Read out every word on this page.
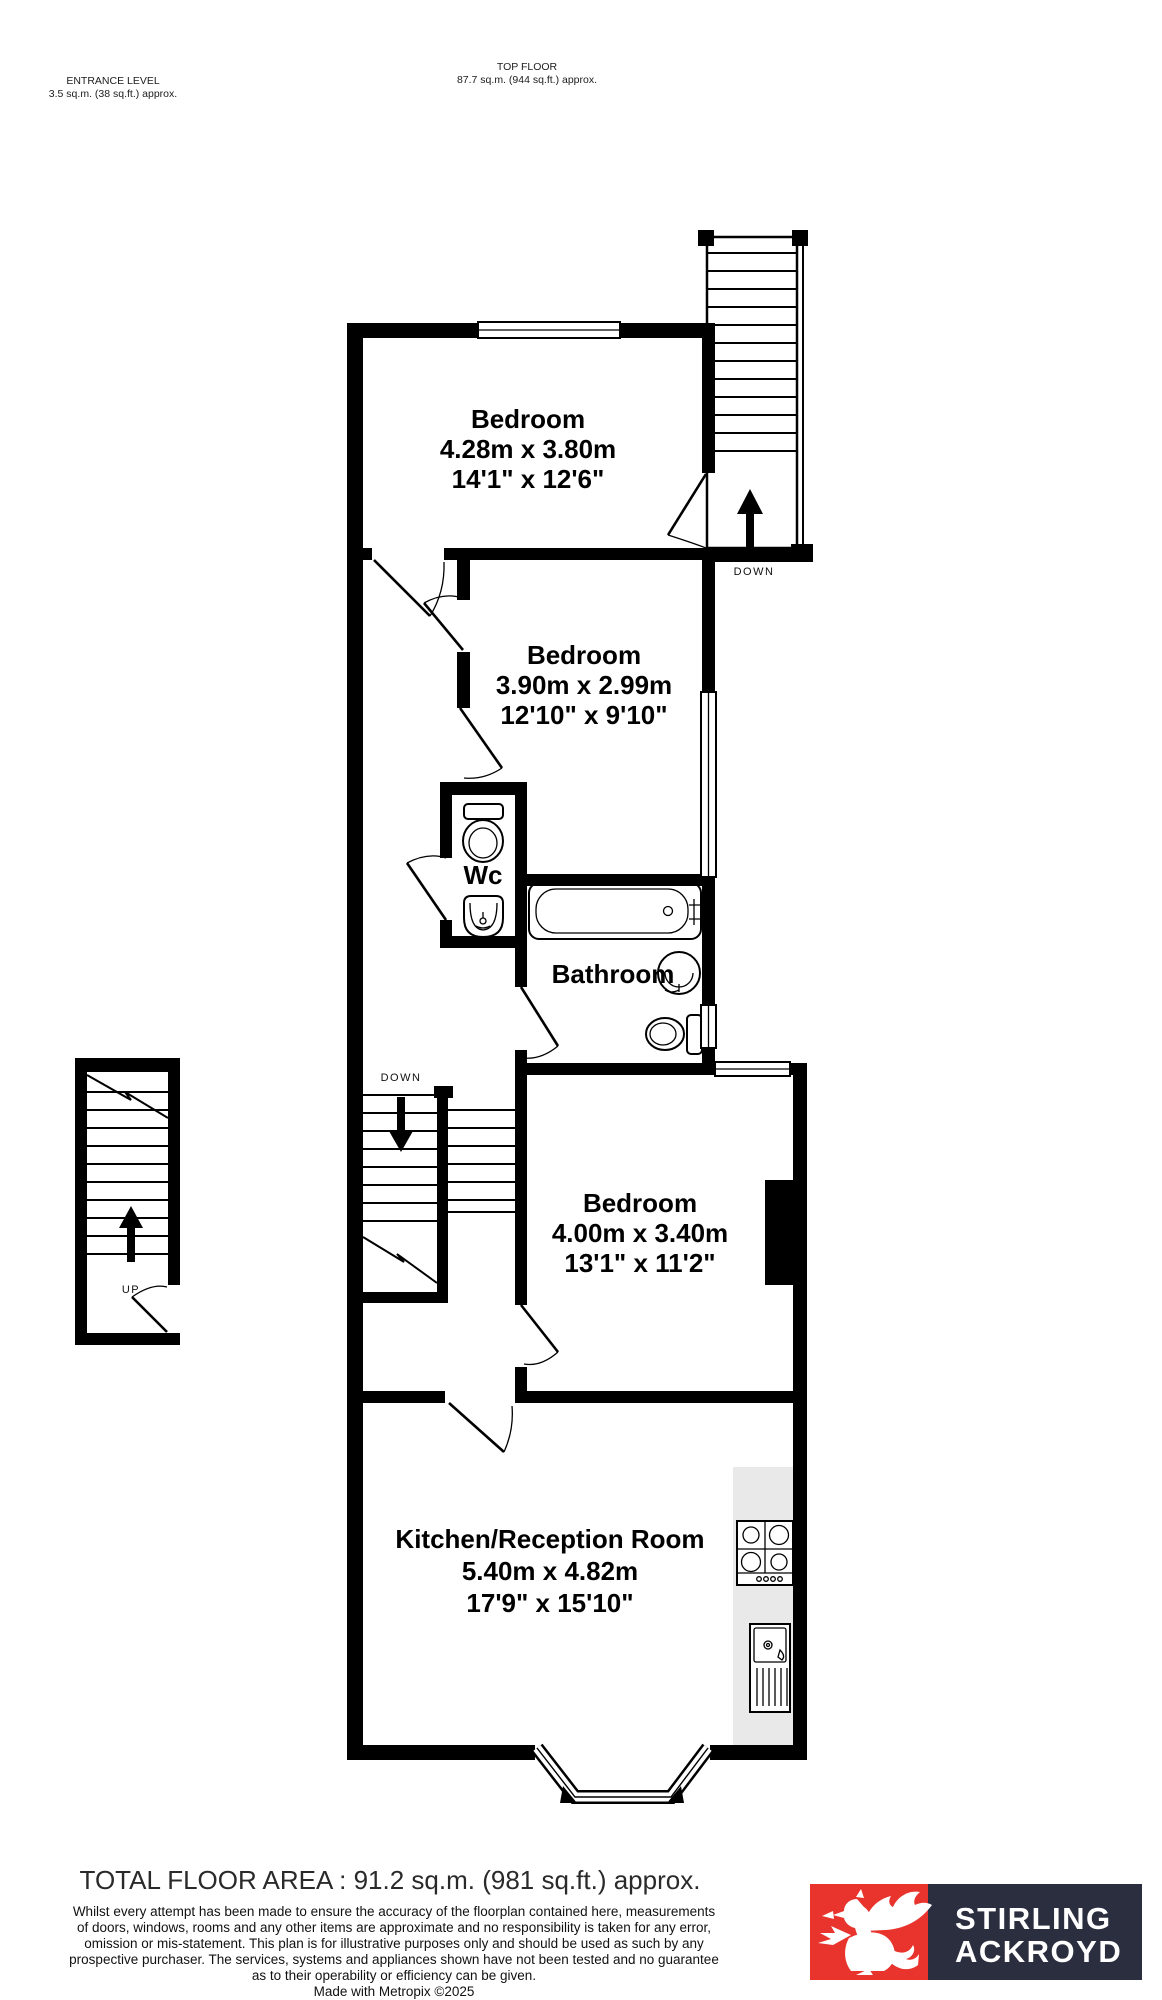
ENTRANCE LEVEL
3.5 sq.m. (38 sq.ft.) approx.
TOP FLOOR
87.7 sq.m. (944 sq.ft.) approx.
DOWN
DOWN
UP
Bedroom
4.28m x 3.80m
14'1" x 12'6"
Bedroom
3.90m x 2.99m
12'10" x 9'10"
Wc
Bathroom
Bedroom
4.00m x 3.40m
13'1" x 11'2"
Kitchen/Reception Room
5.40m x 4.82m
17'9" x 15'10"
TOTAL FLOOR AREA : 91.2 sq.m. (981 sq.ft.) approx.
Whilst every attempt has been made to ensure the accuracy of the floorplan contained here, measurements
of doors, windows, rooms and any other items are approximate and no responsibility is taken for any error,
omission or mis-statement. This plan is for illustrative purposes only and should be used as such by any
prospective purchaser. The services, systems and appliances shown have not been tested and no guarantee
as to their operability or efficiency can be given.
Made with Metropix ©2025
STIRLING
ACKROYD
